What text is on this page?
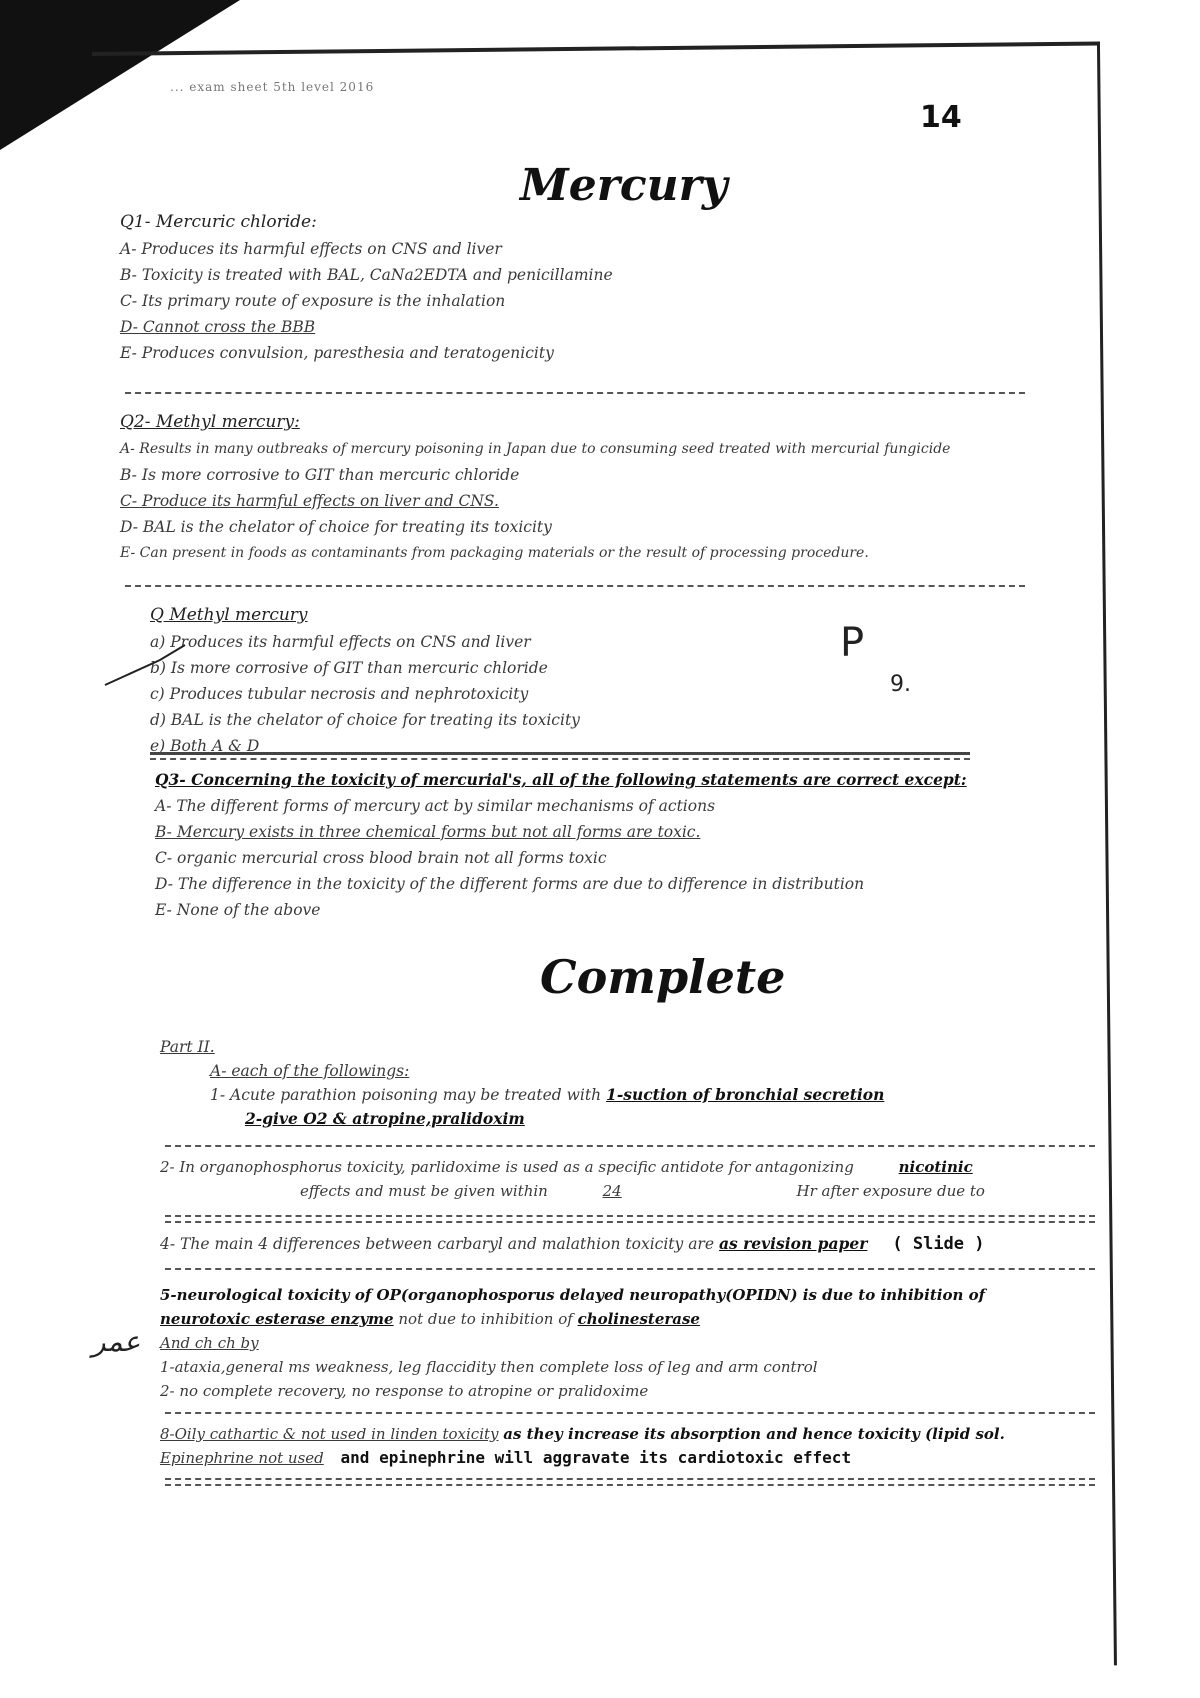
... exam sheet 5th level 2016
14
Mercury
Q1- Mercuric chloride:
A- Produces its harmful effects on CNS and liver
B- Toxicity is treated with BAL, CaNa2EDTA and penicillamine
C- Its primary route of exposure is the inhalation
D- Cannot cross the BBB
E- Produces convulsion, paresthesia and teratogenicity
Q2- Methyl mercury:
A- Results in many outbreaks of mercury poisoning in Japan due to consuming seed treated with mercurial fungicide
B- Is more corrosive to GIT than mercuric chloride
C- Produce its harmful effects on liver and CNS.
D- BAL is the chelator of choice for treating its toxicity
E- Can present in foods as contaminants from packaging materials or the result of processing procedure.
Q Methyl mercury
a) Produces its harmful effects on CNS and liver
b) Is more corrosive of GIT than mercuric chloride
c) Produces tubular necrosis and nephrotoxicity
d) BAL is the chelator of choice for treating its toxicity
e) Both A & D
P
9.
Q3- Concerning the toxicity of mercurial's, all of the following statements are correct except:
A- The different forms of mercury act by similar mechanisms of actions
B- Mercury exists in three chemical forms but not all forms are toxic.
C- organic mercurial cross blood brain not all forms toxic
D- The difference in the toxicity of the different forms are due to difference in distribution
E- None of the above
Complete
Part II.
A- each of the followings:
1- Acute parathion poisoning may be treated with 1-suction of bronchial secretion
2-give O2 & atropine,pralidoxim
2- In organophosphorus toxicity, parlidoxime is used as a specific antidote for antagonizing	nicotinic
effects and must be given within	24	Hr after exposure due to
4- The main 4 differences between carbaryl and malathion toxicity are as revision paper ( Slide )
5-neurological toxicity of OP(organophosporus delayed neuropathy(OPIDN) is due to inhibition of
neurotoxic esterase enzyme not due to inhibition of cholinesterase
And ch ch by
1-ataxia,general ms weakness, leg flaccidity then complete loss of leg and arm control
2- no complete recovery, no response to atropine or pralidoxime
عمر
8-Oily cathartic & not used in linden toxicity as they increase its absorption and hence toxicity (lipid sol.
Epinephrine not used and epinephrine will aggravate its cardiotoxic effect
